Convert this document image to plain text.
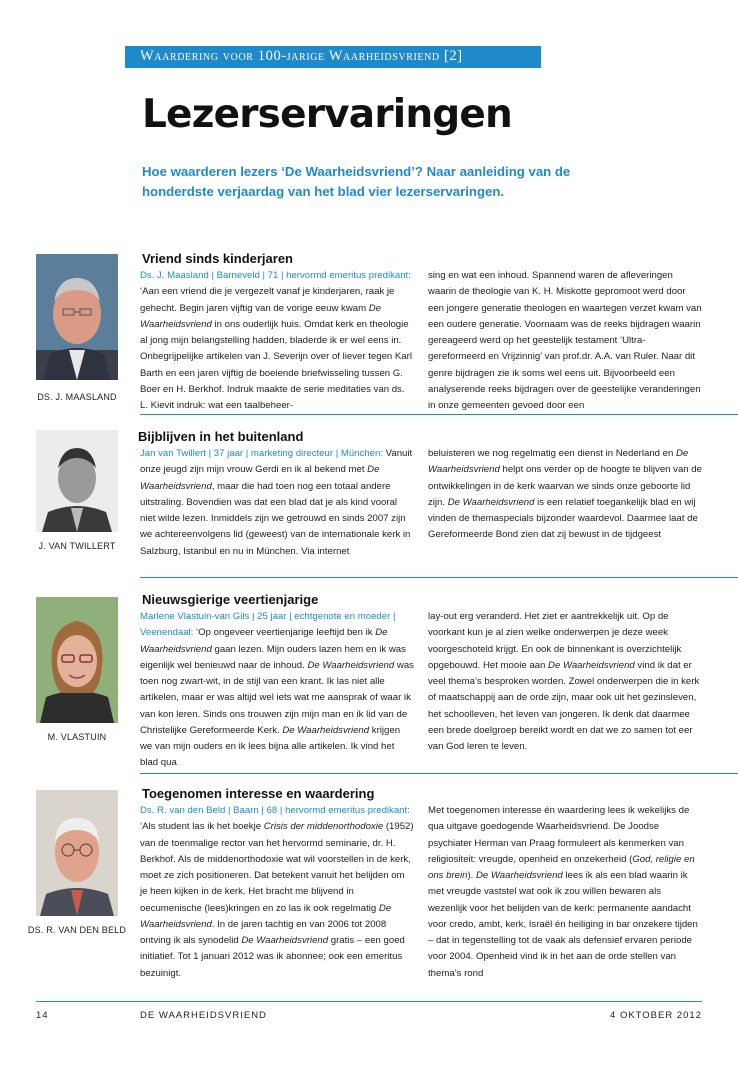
Waardering voor 100-jarige Waarheidsvriend [2]
Lezerservaringen

Hoe waarderen lezers ‘De Waarheidsvriend’? Naar aanleiding van de honderdste verjaardag van het blad vier lezerservaringen.

DS. J. MAASLAND
Vriend sinds kinderjaren
Ds. J. Maasland | Barneveld | 71 | hervormd emeritus predikant: ‘Aan een vriend die je vergezelt vanaf je kinderjaren, raak je gehecht. Begin jaren vijftig van de vorige eeuw kwam De Waarheidsvriend in ons ouderlijk huis. Omdat kerk en theologie al jong mijn belangstelling hadden, bladerde ik er wel eens in. Onbegrijpelijke artikelen van J. Severijn over of liever tegen Karl Barth en een jaren vijftig de boeiende briefwisseling tussen G. Boer en H. Berkhof. Indruk maakte de serie meditaties van ds. L. Kievit indruk: wat een taalbeheer-
sing en wat een inhoud. Spannend waren de afleveringen waarin de theologie van K. H. Miskotte gepromoot werd door een jongere generatie theologen en waartegen verzet kwam van een oudere generatie. Voornaam was de reeks bijdragen waarin gereageerd werd op het geestelijk testament ‘Ultra-gereformeerd en Vrijzinnig’ van prof.dr. A.A. van Ruler. Naar dit genre bijdragen zie ik soms wel eens uit. Bijvoorbeeld een analyserende reeks bijdragen over de geestelijke veranderingen in onze gemeenten gevoed door een
J. VAN TWILLERT
Bijblijven in het buitenland
Jan van Twillert | 37 jaar | marketing directeur | München: Vanuit onze jeugd zijn mijn vrouw Gerdi en ik al bekend met De Waarheidsvriend, maar die had toen nog een totaal andere uitstraling. Bovendien was dat een blad dat je als kind vooral niet wilde lezen. Inmiddels zijn we getrouwd en sinds 2007 zijn we achtereenvolgens lid (geweest) van de internationale kerk in Salzburg, Istanbul en nu in München. Via internet
beluisteren we nog regelmatig een dienst in Nederland en De Waarheidsvriend helpt ons verder op de hoogte te blijven van de ontwikkelingen in de kerk waarvan we sinds onze geboorte lid zijn. De Waarheidsvriend is een relatief toegankelijk blad en wij vinden de themaspecials bijzonder waardevol. Daarmee laat de Gereformeerde Bond zien dat zij bewust in de tijdgeest
M. VLASTUIN
Nieuwsgierige veertienjarige
Marlene Vlastuin-van Gils | 25 jaar | echtgenote en moeder | Veenendaal: ‘Op ongeveer veertienjarige leeftijd ben ik De Waarheidsvriend gaan lezen. Mijn ouders lazen hem en ik was eigenlijk wel benieuwd naar de inhoud. De Waarheidsvriend was toen nog zwart-wit, in de stijl van een krant. Ik las niet alle artikelen, maar er was altijd wel iets wat me aansprak of waar ik van kon leren. Sinds ons trouwen zijn mijn man en ik lid van de Christelijke Gereformeerde Kerk. De Waarheidsvriend krijgen we van mijn ouders en ik lees bijna alle artikelen. Ik vind het blad qua
lay-out erg veranderd. Het ziet er aantrekkelijk uit. Op de voorkant kun je al zien welke onderwerpen je deze week voorgeschoteld krijgt. En ook de binnenkant is overzichtelijk opgebouwd. Het mooie aan De Waarheidsvriend vind ik dat er veel thema’s besproken worden. Zowel onderwerpen die in kerk of maatschappij aan de orde zijn, maar ook uit het gezinsleven, het schoolleven, het leven van jongeren. Ik denk dat daarmee een brede doelgroep bereikt wordt en dat we zo samen tot eer van God leren te leven.
DS. R. VAN DEN BELD
Toegenomen interesse en waardering
Ds. R. van den Beld | Baarn | 68 | hervormd emeritus predikant: ‘Als student las ik het boekje Crisis der middenorthodoxie (1952) van de toenmalige rector van het hervormd seminarie, dr. H. Berkhof. Als de middenorthodoxie wat wil voorstellen in de kerk, moet ze zich positioneren. Dat betekent vanuit het belijden om je heen kijken in de kerk. Het bracht me blijvend in oecumenische (lees)kringen en zo las ik ook regelmatig De Waarheidsvriend. In de jaren tachtig en van 2006 tot 2008 ontving ik als synodelid De Waarheidsvriend gratis – een goed initiatief. Tot 1 januari 2012 was ik abonnee; ook een emeritus bezuinigt.
Met toegenomen interesse én waardering lees ik wekelijks de qua uitgave goedogende Waarheidsvriend. De Joodse psychiater Herman van Praag formuleert als kenmerken van religiositeit: vreugde, openheid en onzekerheid (God, religie en ons brein). De Waarheidsvriend lees ik als een blad waarin ik met vreugde vaststel wat ook ik zou willen bewaren als wezenlijk voor het belijden van de kerk: permanente aandacht voor credo, ambt, kerk, Israël én heiliging in bar onzekere tijden – dat in tegenstelling tot de vaak als defensief ervaren periode voor 2004. Openheid vind ik in het aan de orde stellen van thema’s rond
14	DE WAARHEIDSVRIEND	4 OKTOBER 2012
